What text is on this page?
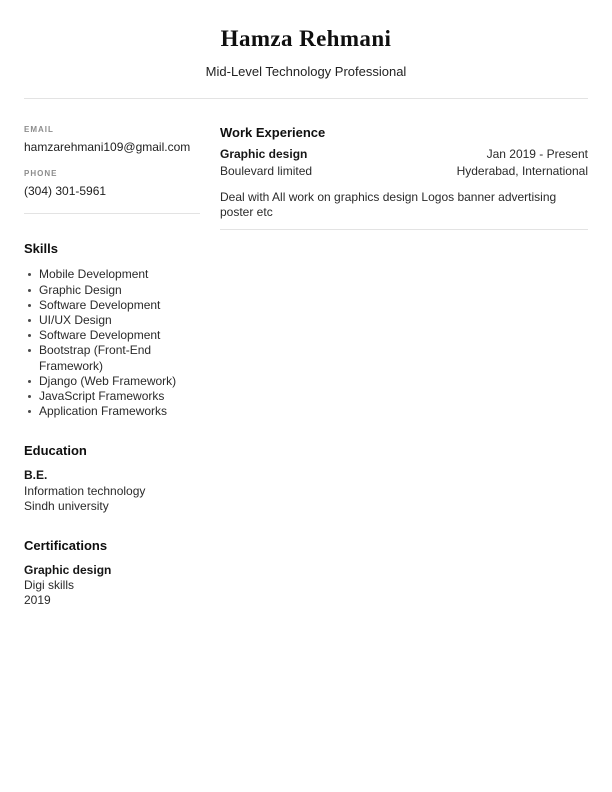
Hamza Rehmani
Mid-Level Technology Professional
EMAIL
hamzarehmani109@gmail.com
PHONE
(304) 301-5961
Skills
Mobile Development
Graphic Design
Software Development
UI/UX Design
Software Development
Bootstrap (Front-End Framework)
Django (Web Framework)
JavaScript Frameworks
Application Frameworks
Education
B.E.
Information technology
Sindh university
Certifications
Graphic design
Digi skills
2019
Work Experience
Graphic design	Jan 2019 - Present
Boulevard limited	Hyderabad, International
Deal with All work on graphics design Logos banner advertising poster etc
